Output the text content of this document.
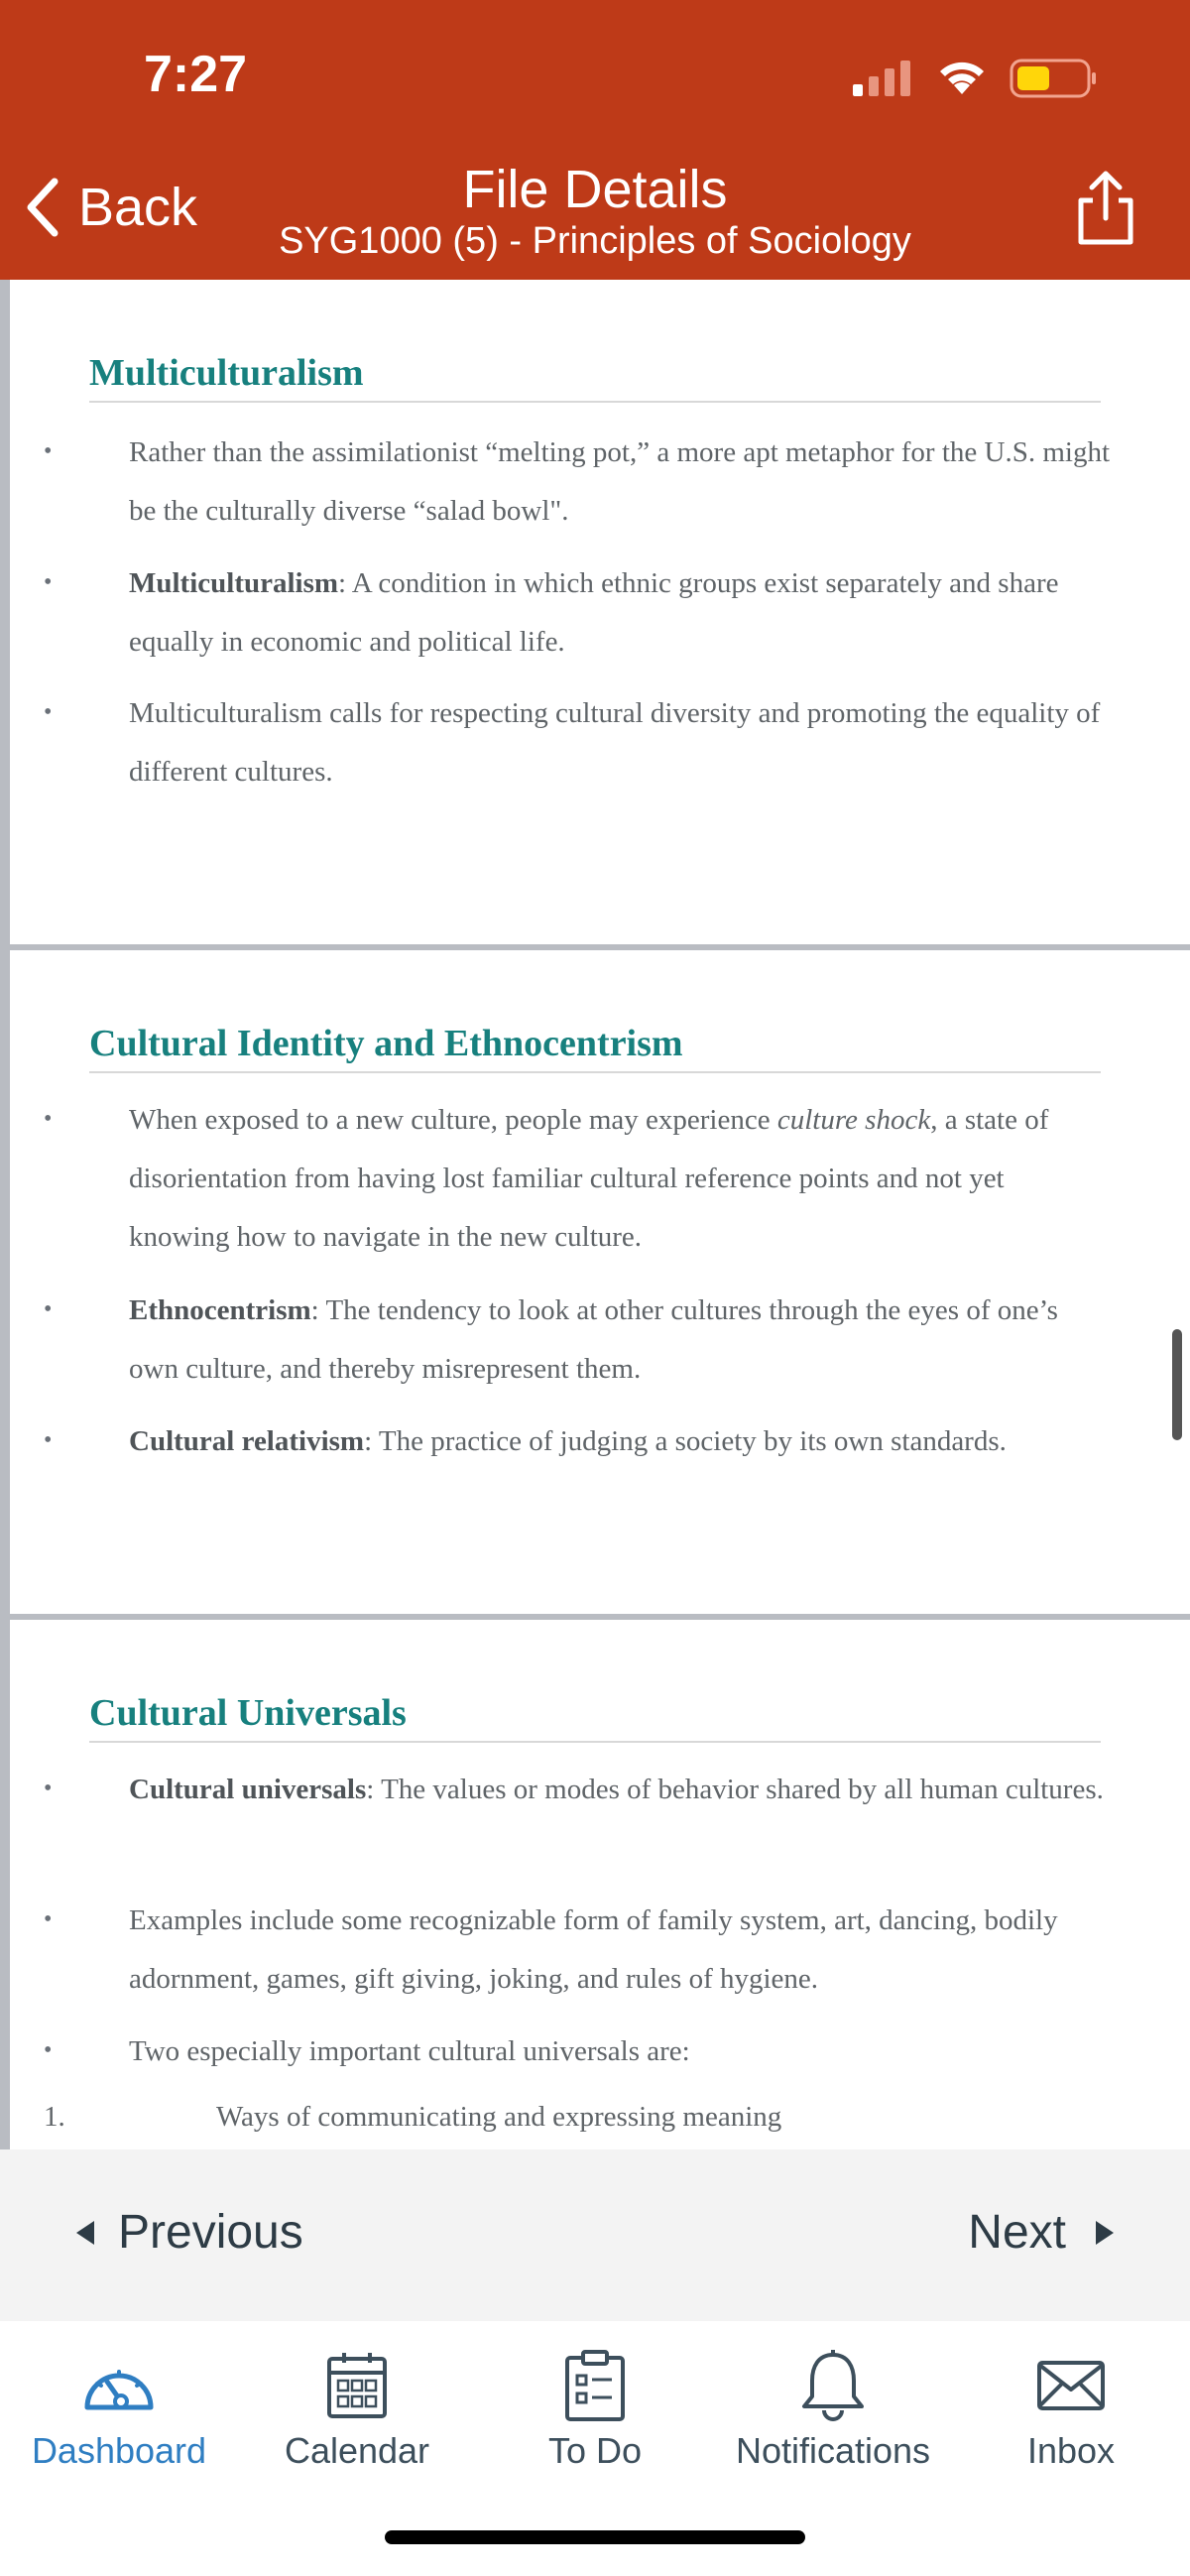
7:27
Back	File Details
SYG1000 (5) - Principles of Sociology
Multiculturalism
•	Rather than the assimilationist “melting pot,” a more apt metaphor for the U.S. might be the culturally diverse “salad bowl".
•	Multiculturalism: A condition in which ethnic groups exist separately and share equally in economic and political life.
•	Multiculturalism calls for respecting cultural diversity and promoting the equality of different cultures.
Cultural Identity and Ethnocentrism
•	When exposed to a new culture, people may experience culture shock, a state of disorientation from having lost familiar cultural reference points and not yet knowing how to navigate in the new culture.
•	Ethnocentrism: The tendency to look at other cultures through the eyes of one’s own culture, and thereby misrepresent them.
•	Cultural relativism: The practice of judging a society by its own standards.
Cultural Universals
•	Cultural universals: The values or modes of behavior shared by all human cultures.
•	Examples include some recognizable form of family system, art, dancing, bodily adornment, games, gift giving, joking, and rules of hygiene.
•	Two especially important cultural universals are:
1.	Ways of communicating and expressing meaning
Previous	Next
Dashboard	Calendar	To Do	Notifications	Inbox
